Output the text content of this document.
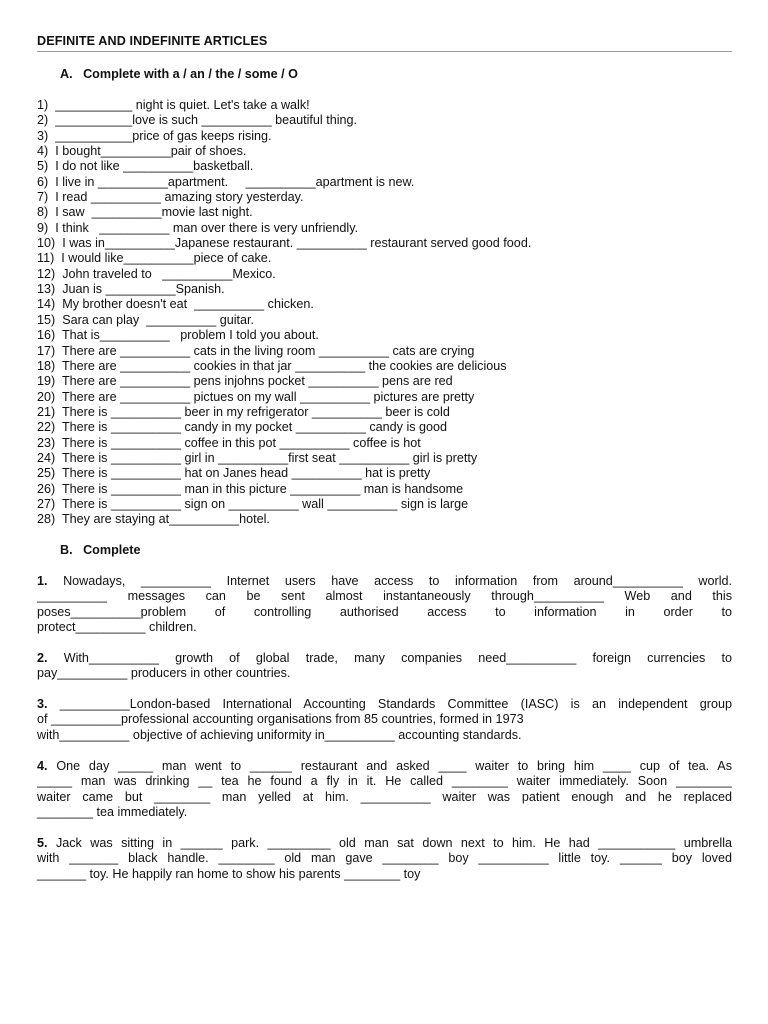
DEFINITE AND INDEFINITE ARTICLES
A.   Complete with a / an / the / some / O
1)  ___________ night is quiet. Let's take a walk!
2)  ___________love is such __________ beautiful thing.
3)  ___________price of gas keeps rising.
4)  I bought__________pair of shoes.
5)  I do not like __________basketball.
6)  I live in __________apartment.     __________apartment is new.
7)  I read __________ amazing story yesterday.
8)  I saw  __________movie last night.
9)  I think   __________ man over there is very unfriendly.
10)  I was in__________Japanese restaurant. __________ restaurant served good food.
11)  I would like__________piece of cake.
12)  John traveled to   __________Mexico.
13)  Juan is __________Spanish.
14)  My brother doesn't eat  __________ chicken.
15)  Sara can play  __________ guitar.
16)  That is__________   problem I told you about.
17)  There are __________ cats in the living room __________ cats are crying
18)  There are __________ cookies in that jar __________ the cookies are delicious
19)  There are __________ pens injohns pocket __________ pens are red
20)  There are __________ pictues on my wall __________ pictures are pretty
21)  There is __________ beer in my refrigerator __________ beer is cold
22)  There is __________ candy in my pocket __________ candy is good
23)  There is __________ coffee in this pot __________ coffee is hot
24)  There is __________ girl in __________first seat __________ girl is pretty
25)  There is __________ hat on Janes head __________ hat is pretty
26)  There is __________ man in this picture __________ man is handsome
27)  There is __________ sign on __________ wall __________ sign is large
28)  They are staying at__________hotel.
B.   Complete
1. Nowadays, __________ Internet users have access to information from around__________ world.
__________ messages can be sent almost instantaneously through__________ Web and this
poses__________problem of controlling authorised access to information in order to
protect__________ children.
2. With__________ growth of global trade, many companies need__________ foreign currencies to
pay__________ producers in other countries.
3. __________London-based International Accounting Standards Committee (IASC) is an independent group
of __________professional accounting organisations from 85 countries, formed in 1973
with__________ objective of achieving uniformity in__________ accounting standards.
4. One day _____ man went to ______ restaurant and asked ____ waiter to bring him ____ cup of tea. As
_____ man was drinking __ tea he found a fly in it. He called ________ waiter immediately. Soon ________
waiter came but ________ man yelled at him. __________ waiter was patient enough and he replaced
________ tea immediately.
5. Jack was sitting in ______ park. _________ old man sat down next to him. He had ___________ umbrella
with _______ black handle. ________ old man gave ________ boy __________ little toy. ______ boy loved
_______ toy. He happily ran home to show his parents ________ toy
